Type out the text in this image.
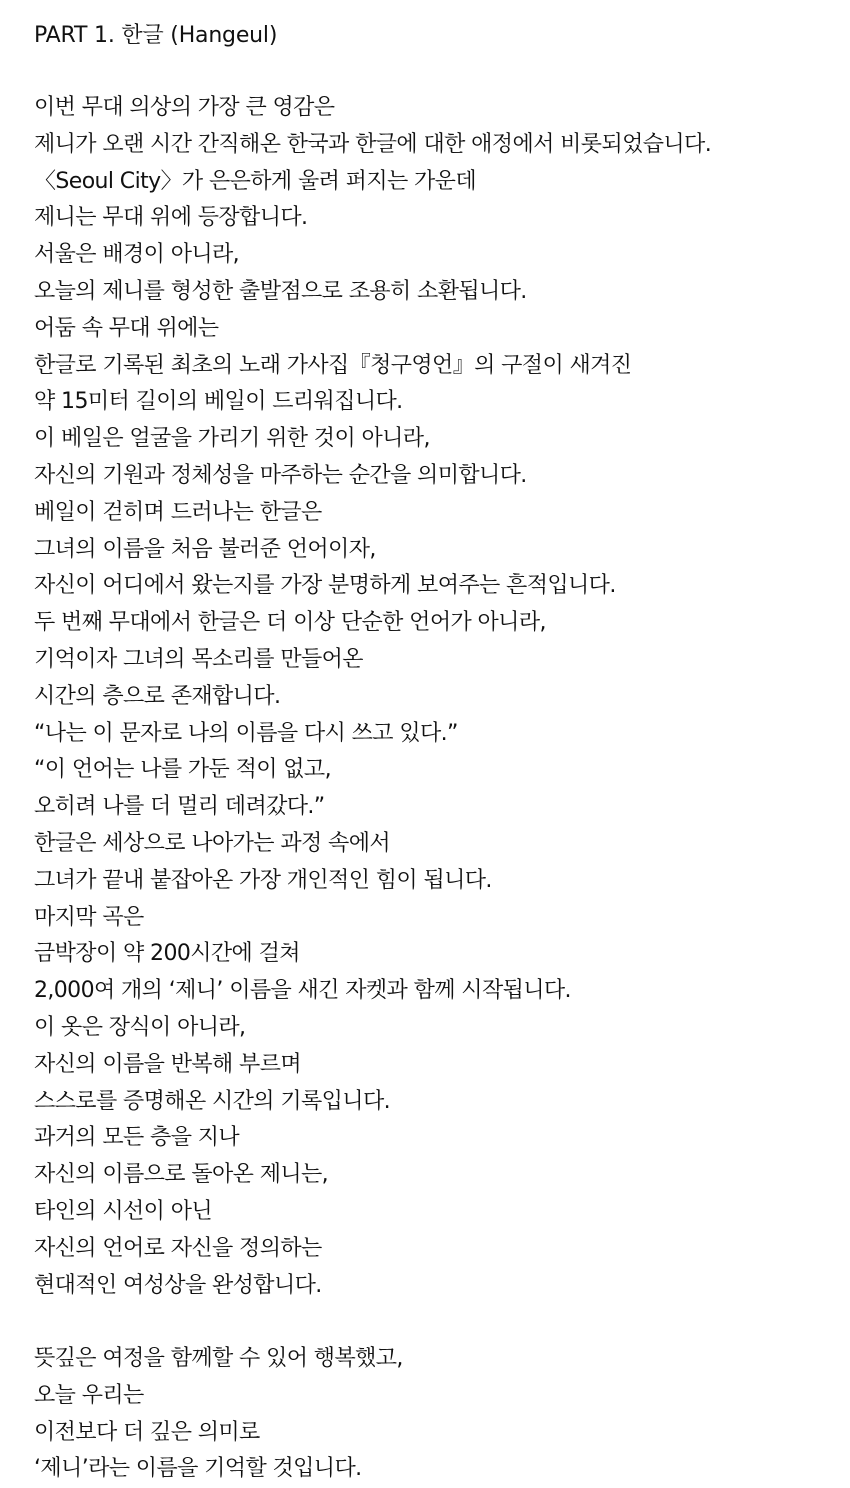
PART 1. 한글 (Hangeul)
이번 무대 의상의 가장 큰 영감은
제니가 오랜 시간 간직해온 한국과 한글에 대한 애정에서 비롯되었습니다.
〈Seoul City〉가 은은하게 울려 퍼지는 가운데
제니는 무대 위에 등장합니다.
서울은 배경이 아니라,
오늘의 제니를 형성한 출발점으로 조용히 소환됩니다.
어둠 속 무대 위에는
한글로 기록된 최초의 노래 가사집『청구영언』의 구절이 새겨진
약 15미터 길이의 베일이 드리워집니다.
이 베일은 얼굴을 가리기 위한 것이 아니라,
자신의 기원과 정체성을 마주하는 순간을 의미합니다.
베일이 걷히며 드러나는 한글은
그녀의 이름을 처음 불러준 언어이자,
자신이 어디에서 왔는지를 가장 분명하게 보여주는 흔적입니다.
두 번째 무대에서 한글은 더 이상 단순한 언어가 아니라,
기억이자 그녀의 목소리를 만들어온
시간의 층으로 존재합니다.
“나는 이 문자로 나의 이름을 다시 쓰고 있다.”
“이 언어는 나를 가둔 적이 없고,
오히려 나를 더 멀리 데려갔다.”
한글은 세상으로 나아가는 과정 속에서
그녀가 끝내 붙잡아온 가장 개인적인 힘이 됩니다.
마지막 곡은
금박장이 약 200시간에 걸쳐
2,000여 개의 ‘제니’ 이름을 새긴 자켓과 함께 시작됩니다.
이 옷은 장식이 아니라,
자신의 이름을 반복해 부르며
스스로를 증명해온 시간의 기록입니다.
과거의 모든 층을 지나
자신의 이름으로 돌아온 제니는,
타인의 시선이 아닌
자신의 언어로 자신을 정의하는
현대적인 여성상을 완성합니다.
뜻깊은 여정을 함께할 수 있어 행복했고,
오늘 우리는
이전보다 더 깊은 의미로
‘제니’라는 이름을 기억할 것입니다.
